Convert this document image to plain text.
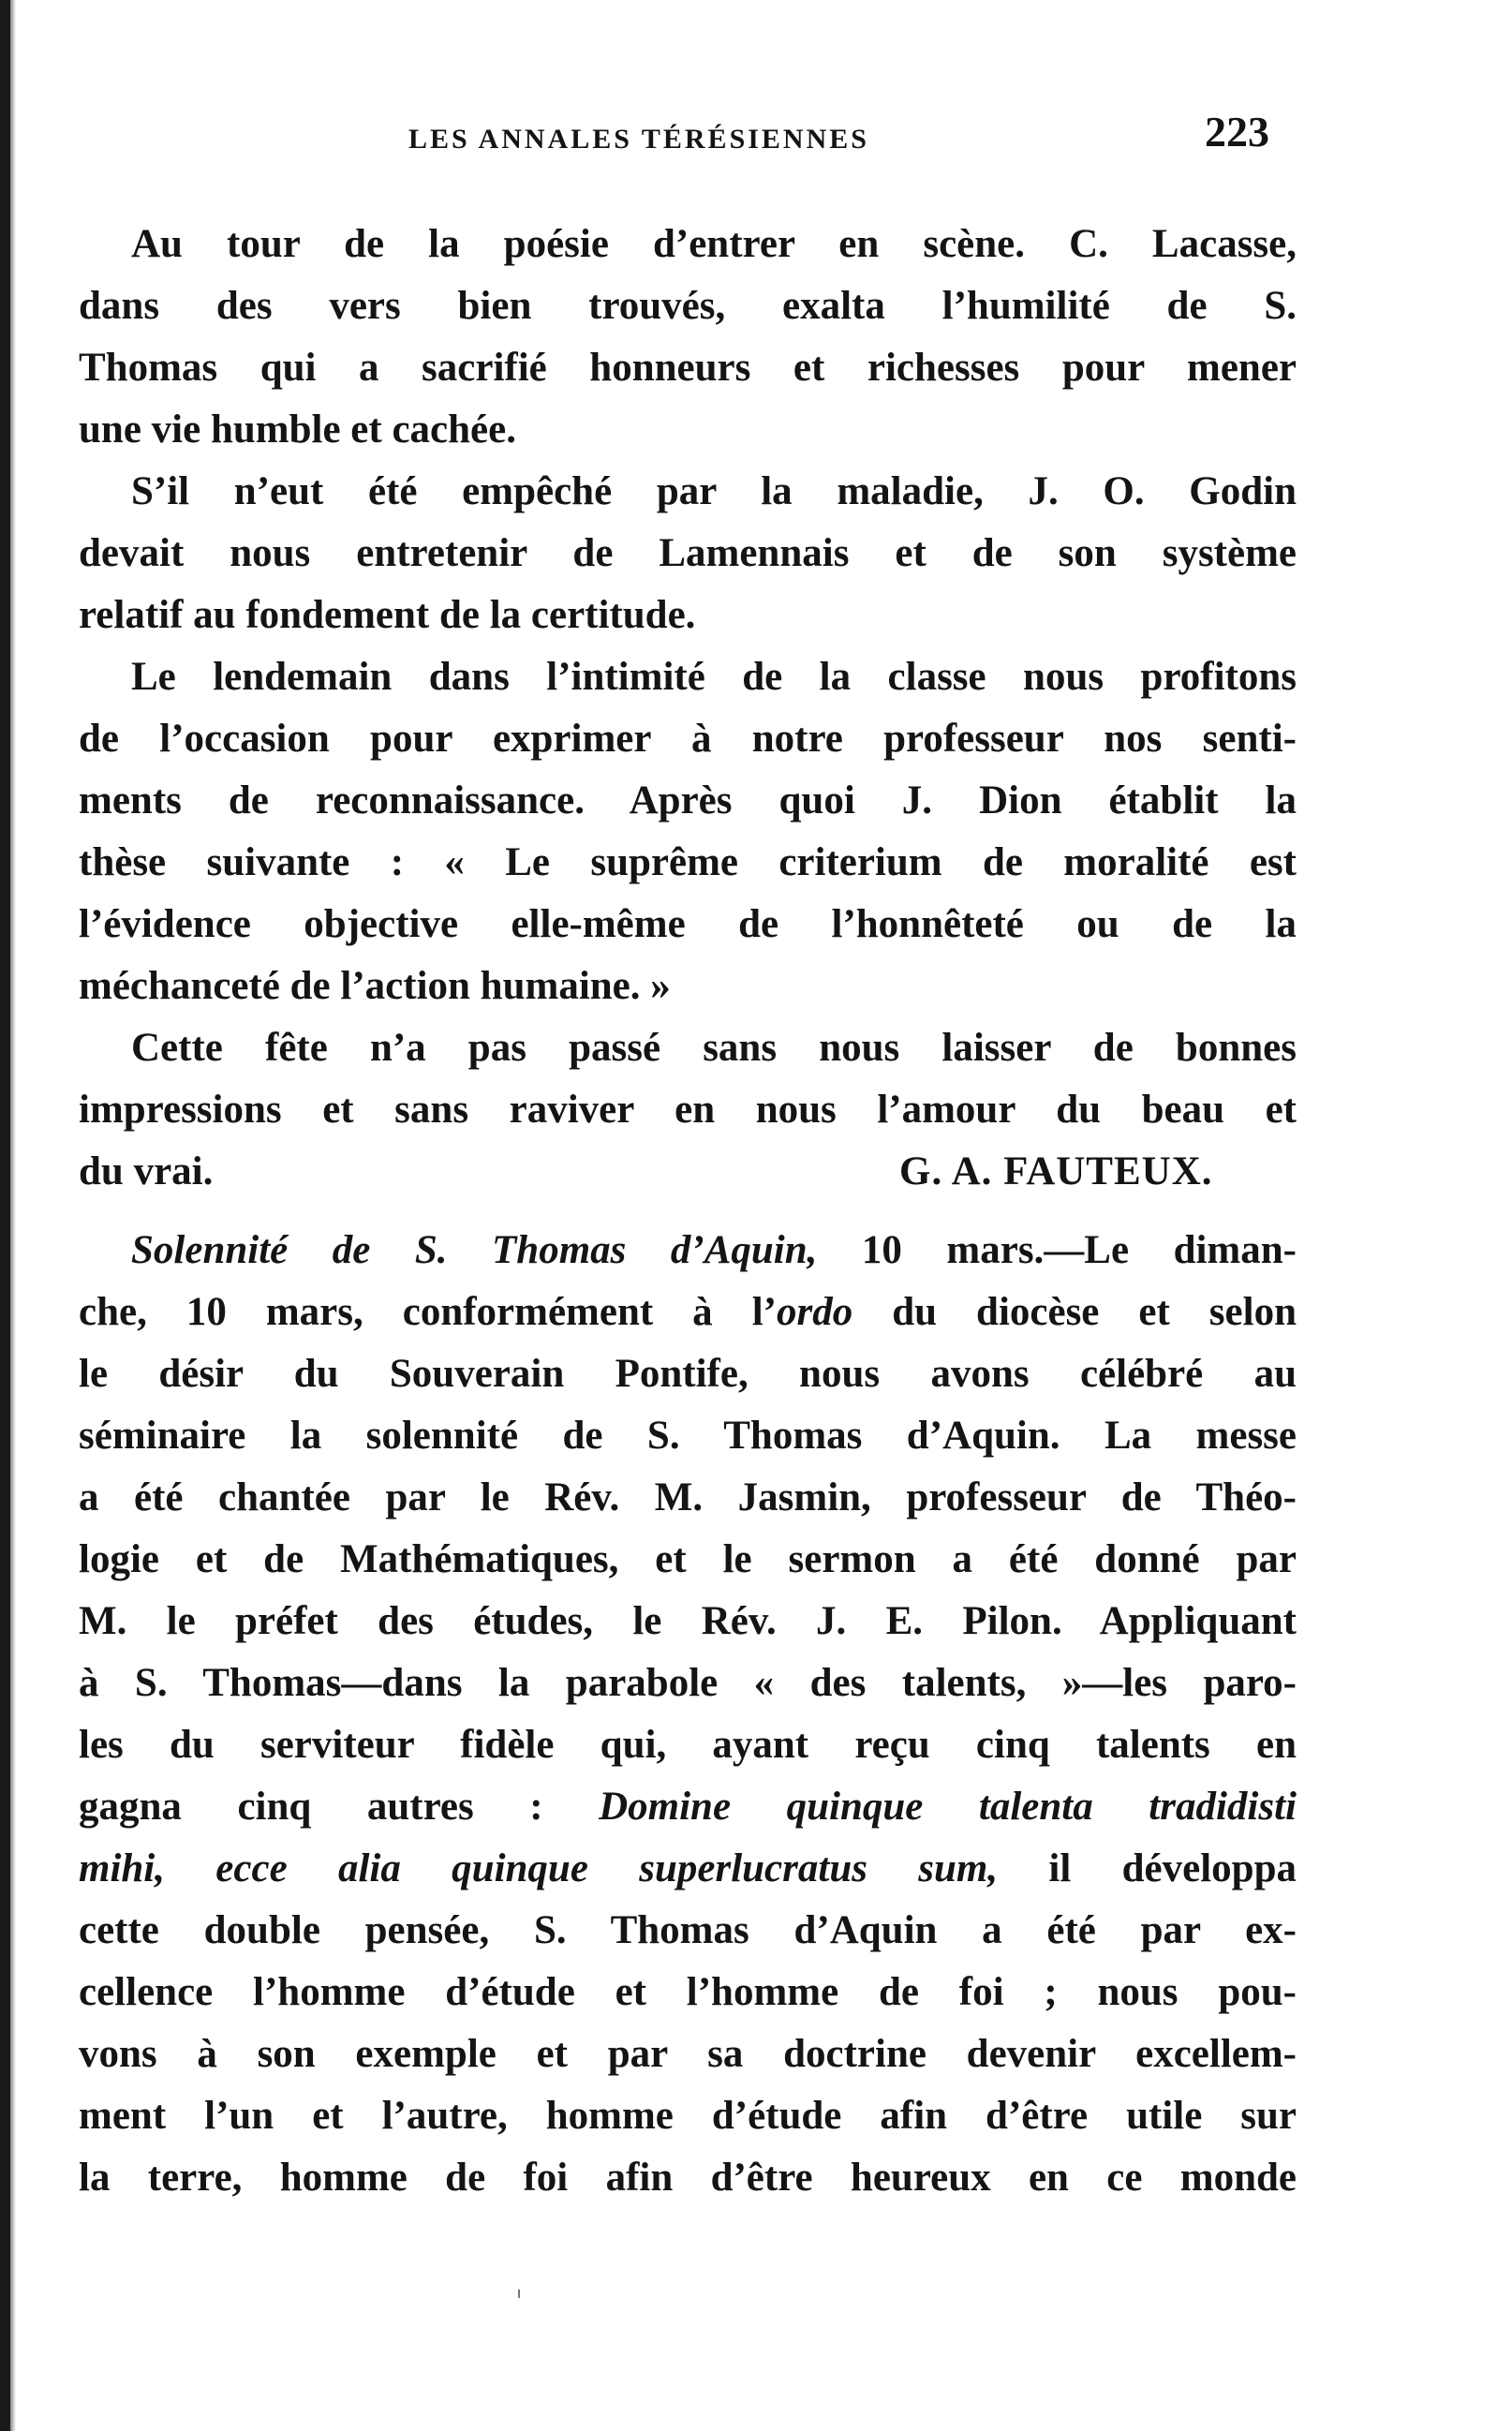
LES ANNALES TÉRÉSIENNES	223
Au tour de la poésie d’entrer en scène. C. Lacasse,
dans des vers bien trouvés, exalta l’humilité de S.
Thomas qui a sacrifié honneurs et richesses pour mener
une vie humble et cachée.
S’il n’eut été empêché par la maladie, J. O. Godin
devait nous entretenir de Lamennais et de son système
relatif au fondement de la certitude.
Le lendemain dans l’intimité de la classe nous profitons
de l’occasion pour exprimer à notre professeur nos senti-
ments de reconnaissance. Après quoi J. Dion établit la
thèse suivante : « Le suprême criterium de moralité est
l’évidence objective elle-même de l’honnêteté ou de la
méchanceté de l’action humaine. »
Cette fête n’a pas passé sans nous laisser de bonnes
impressions et sans raviver en nous l’amour du beau et
du vrai.	G. A. FAUTEUX.
Solennité de S. Thomas d’Aquin, 10 mars.—Le diman-
che, 10 mars, conformément à l’ordo du diocèse et selon
le désir du Souverain Pontife, nous avons célébré au
séminaire la solennité de S. Thomas d’Aquin. La messe
a été chantée par le Rév. M. Jasmin, professeur de Théo-
logie et de Mathématiques, et le sermon a été donné par
M. le préfet des études, le Rév. J. E. Pilon. Appliquant
à S. Thomas—dans la parabole « des talents, »—les paro-
les du serviteur fidèle qui, ayant reçu cinq talents en
gagna cinq autres : Domine quinque talenta tradidisti
mihi, ecce alia quinque superlucratus sum, il développa
cette double pensée, S. Thomas d’Aquin a été par ex-
cellence l’homme d’étude et l’homme de foi ; nous pou-
vons à son exemple et par sa doctrine devenir excellem-
ment l’un et l’autre, homme d’étude afin d’être utile sur
la terre, homme de foi afin d’être heureux en ce monde
